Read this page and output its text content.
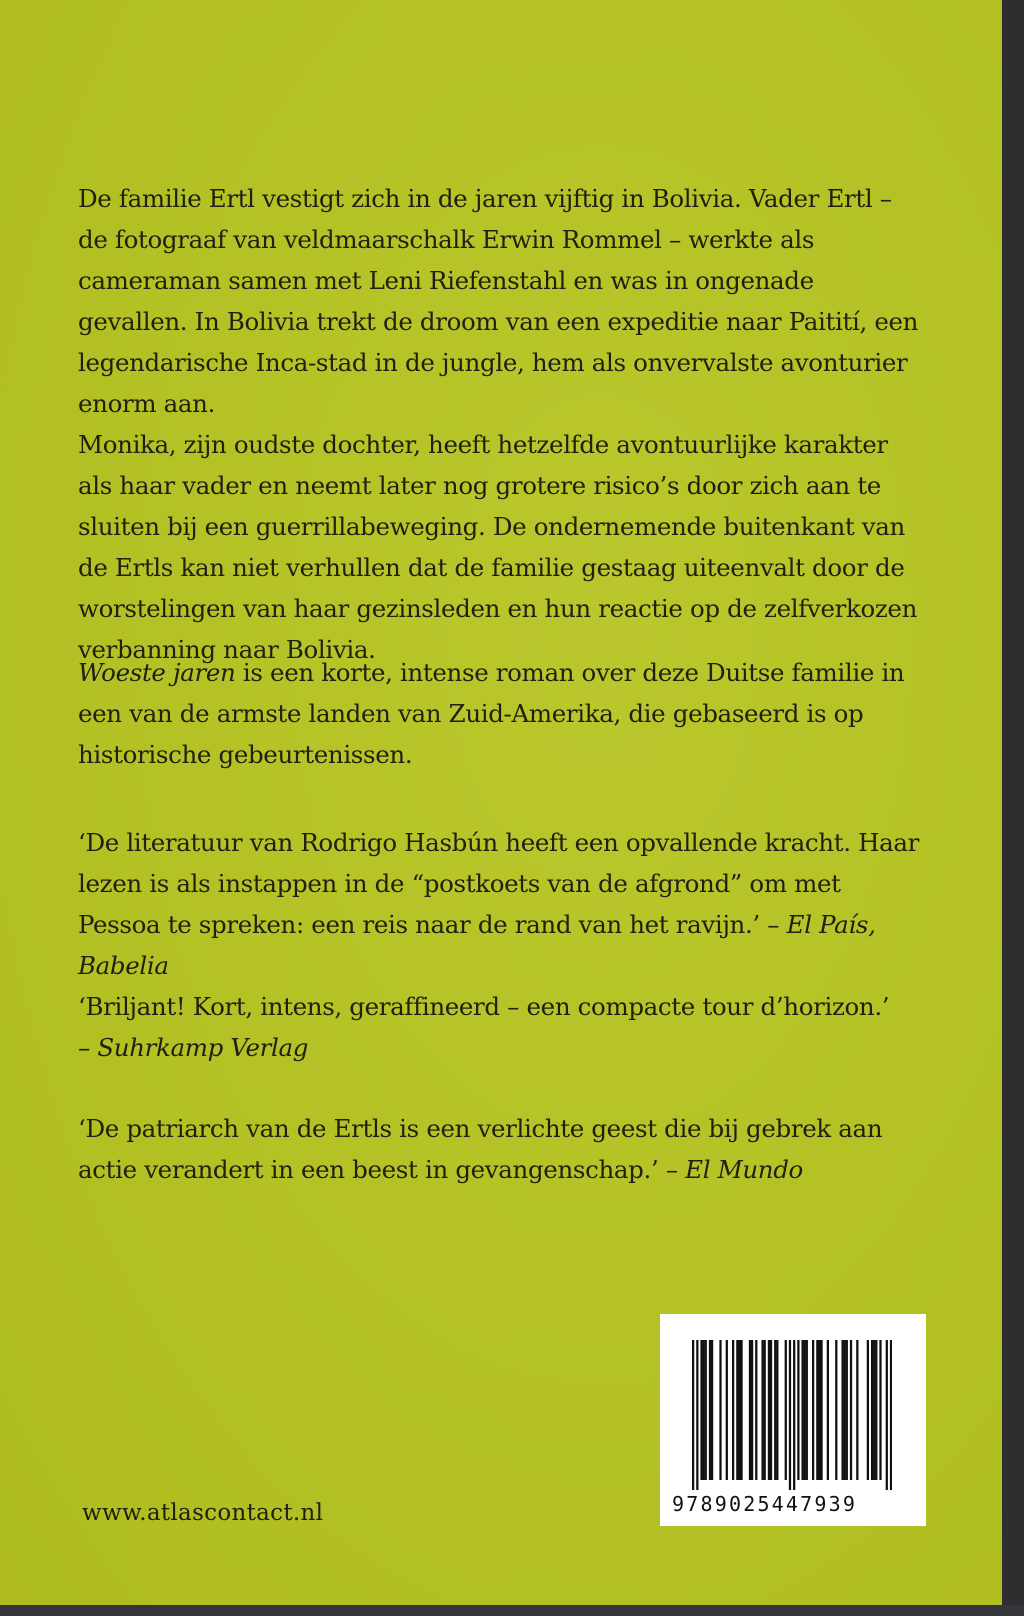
De familie Ertl vestigt zich in de jaren vijftig in Bolivia. Vader Ertl – de fotograaf van veldmaarschalk Erwin Rommel – werkte als cameraman samen met Leni Riefenstahl en was in ongenade gevallen. In Bolivia trekt de droom van een expeditie naar Paitití, een legendarische Inca-stad in de jungle, hem als onvervalste avonturier enorm aan.

Monika, zijn oudste dochter, heeft hetzelfde avontuurlijke karakter als haar vader en neemt later nog grotere risico’s door zich aan te sluiten bij een guerrillabeweging. De ondernemende buitenkant van de Ertls kan niet verhullen dat de familie gestaag uiteenvalt door de worstelingen van haar gezinsleden en hun reactie op de zelfverkozen verbanning naar Bolivia.

Woeste jaren is een korte, intense roman over deze Duitse familie in een van de armste landen van Zuid-Amerika, die gebaseerd is op historische gebeurtenissen.

‘De literatuur van Rodrigo Hasbún heeft een opvallende kracht. Haar lezen is als instappen in de “postkoets van de afgrond” om met Pessoa te spreken: een reis naar de rand van het ravijn.’ – El País, Babelia

‘Briljant! Kort, intens, geraffineerd – een compacte tour d’horizon.’

– Suhrkamp Verlag

‘De patriarch van de Ertls is een verlichte geest die bij gebrek aan actie verandert in een beest in gevangenschap.’ – El Mundo

www.atlascontact.nl	9789025447939
